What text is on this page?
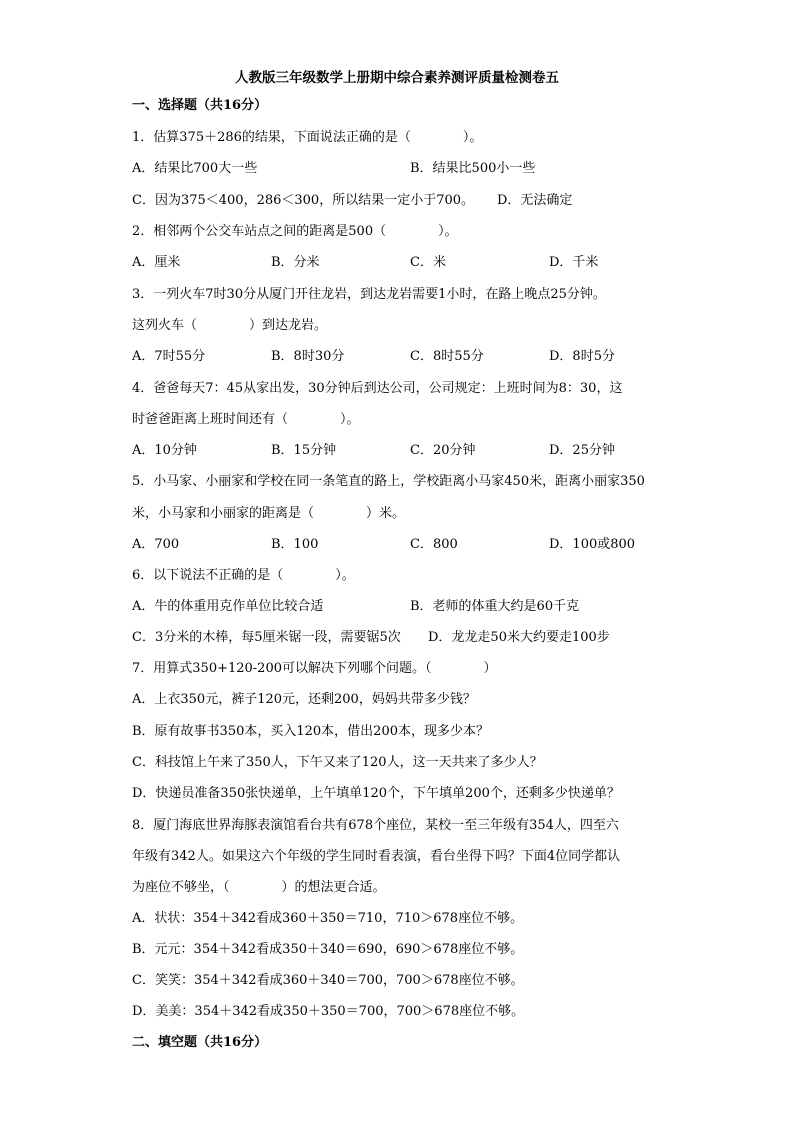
人教版三年级数学上册期中综合素养测评质量检测卷五
一、选择题（共16分）
1．估算375＋286的结果，下面说法正确的是（　　　　）。
A．结果比700大一些	B．结果比500小一些
C．因为375＜400，286＜300，所以结果一定小于700。 D．无法确定
2．相邻两个公交车站点之间的距离是500（　　　　）。
A．厘米	B．分米	C．米	D．千米
3．一列火车7时30分从厦门开往龙岩，到达龙岩需要1小时，在路上晚点25分钟。
这列火车（　　　　）到达龙岩。
A．7时55分	B．8时30分	C．8时55分	D．8时5分
4．爸爸每天7：45从家出发，30分钟后到达公司，公司规定：上班时间为8：30，这
时爸爸距离上班时间还有（　　　　）。
A．10分钟	B．15分钟	C．20分钟	D．25分钟
5．小马家、小丽家和学校在同一条笔直的路上，学校距离小马家450米，距离小丽家350
米，小马家和小丽家的距离是（　　　　）米。
A．700	B．100	C．800	D．100或800
6．以下说法不正确的是（　　　　）。
A．牛的体重用克作单位比较合适	B．老师的体重大约是60千克
C．3分米的木棒，每5厘米锯一段，需要锯5次 D．龙龙走50米大约要走100步
7．用算式350+120-200可以解决下列哪个问题。（　　　　）
A．上衣350元，裤子120元，还剩200，妈妈共带多少钱？
B．原有故事书350本，买入120本，借出200本，现多少本？
C．科技馆上午来了350人，下午又来了120人，这一天共来了多少人？
D．快递员准备350张快递单，上午填单120个，下午填单200个，还剩多少快递单？
8．厦门海底世界海豚表演馆看台共有678个座位，某校一至三年级有354人，四至六
年级有342人。如果这六个年级的学生同时看表演，看台坐得下吗？下面4位同学都认
为座位不够坐，（　　　　）的想法更合适。
A．状状：354＋342看成360＋350＝710，710＞678座位不够。
B．元元：354＋342看成350＋340＝690，690＞678座位不够。
C．笑笑：354＋342看成360＋340＝700，700＞678座位不够。
D．美美：354＋342看成350＋350＝700，700＞678座位不够。
二、填空题（共16分）
